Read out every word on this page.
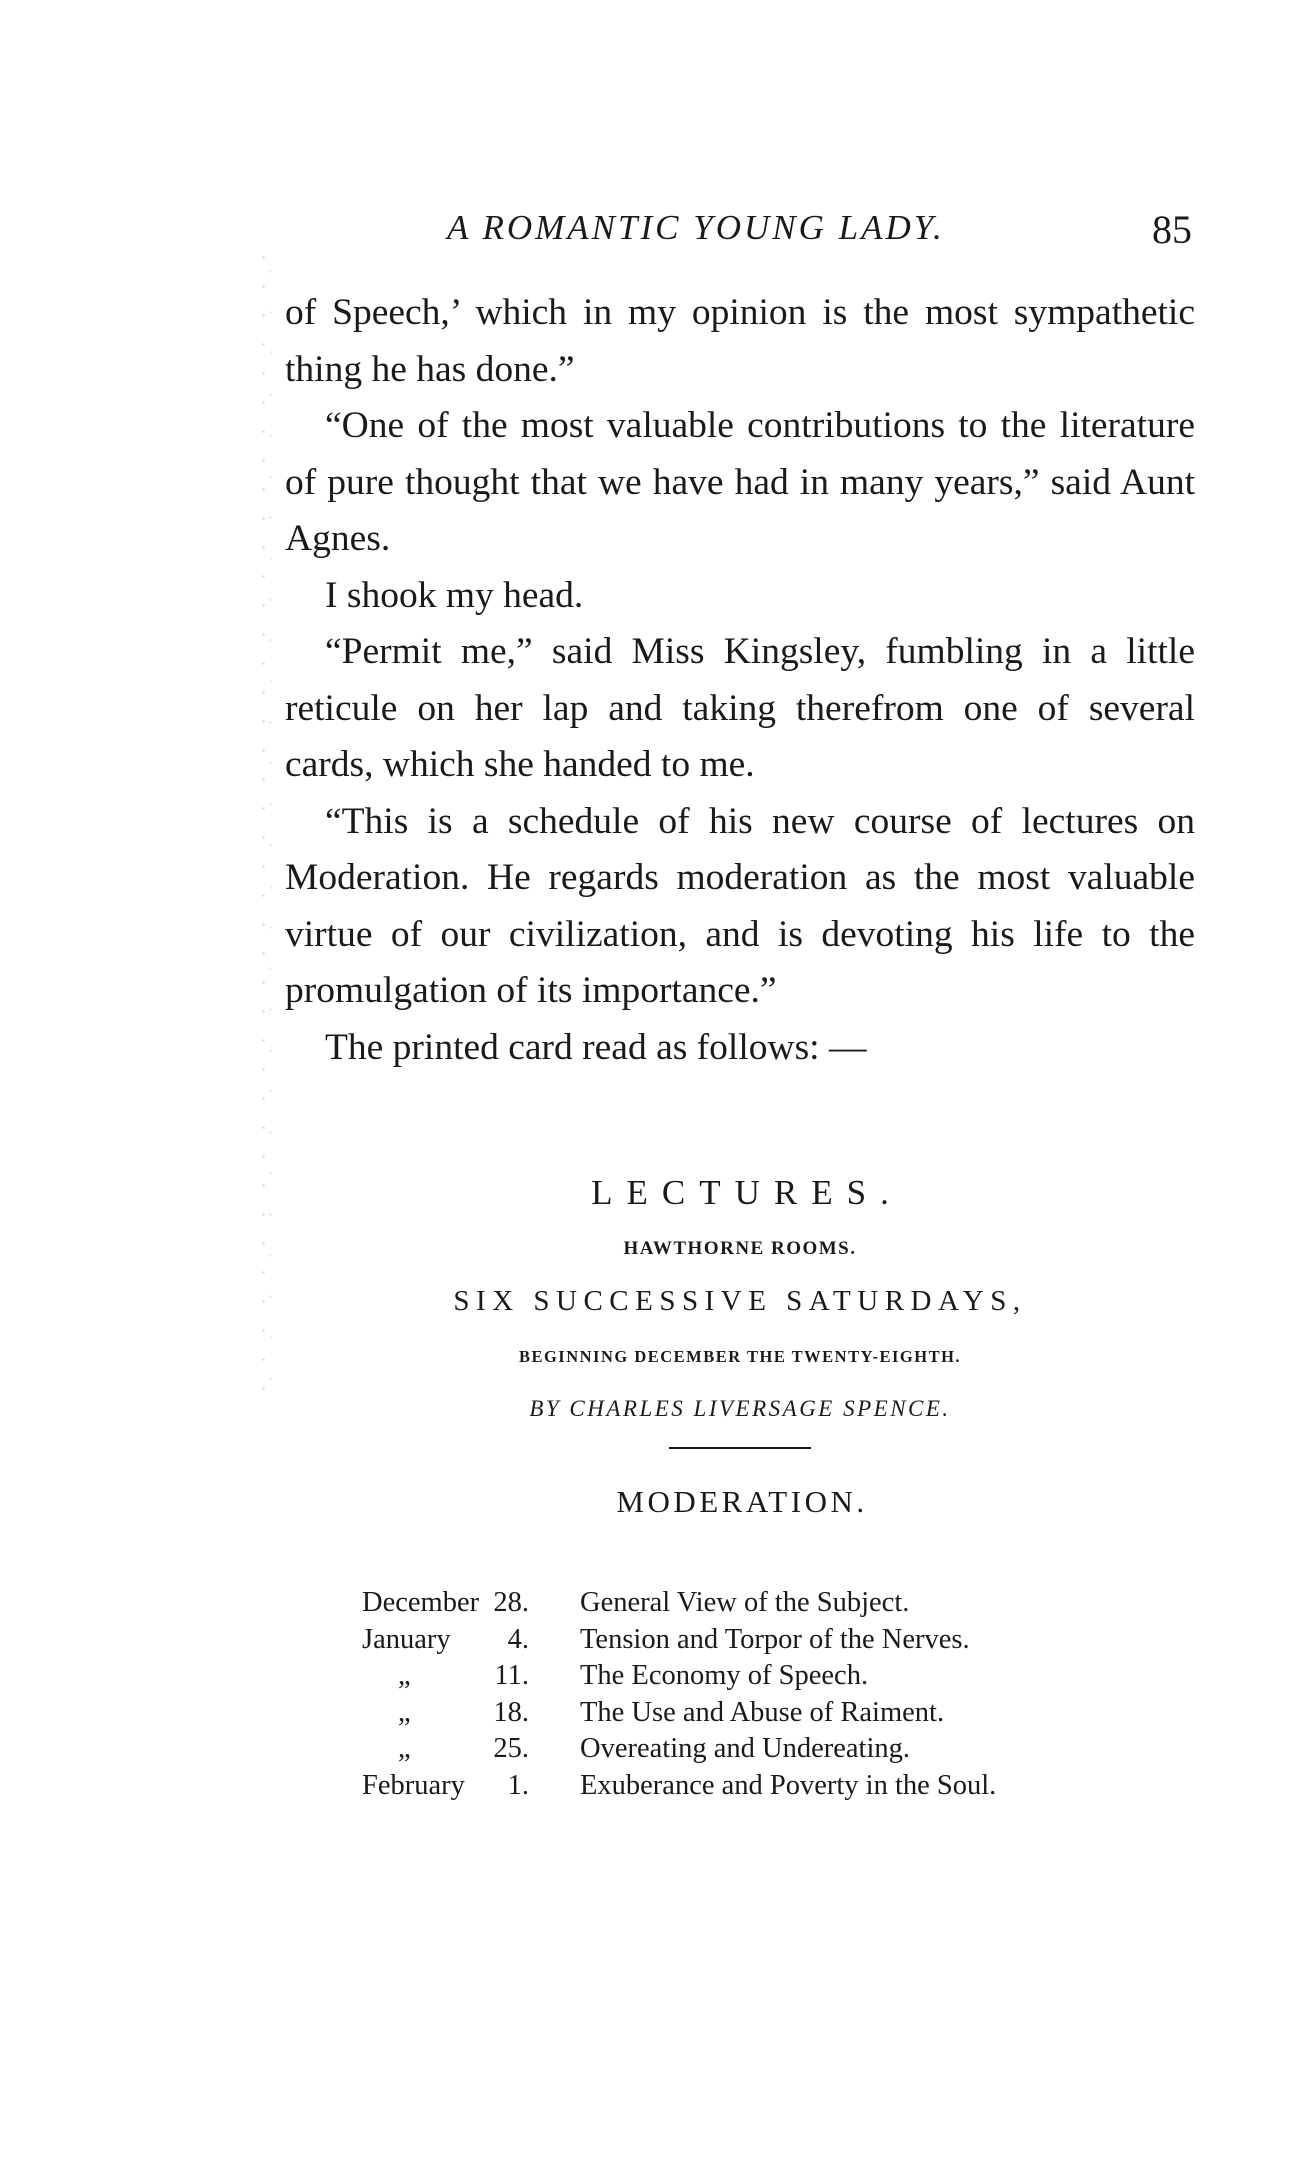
A ROMANTIC YOUNG LADY.	85

of Speech,’ which in my opinion is the most sympathetic thing he has done.”

“One of the most valuable contributions to the literature of pure thought that we have had in many years,” said Aunt Agnes.

I shook my head.

“Permit me,” said Miss Kingsley, fumbling in a little reticule on her lap and taking therefrom one of several cards, which she handed to me.

“This is a schedule of his new course of lectures on Moderation. He regards moderation as the most valuable virtue of our civilization, and is devoting his life to the promulgation of its importance.”

The printed card read as follows: —

LECTURES.

HAWTHORNE ROOMS.

SIX SUCCESSIVE SATURDAYS,

BEGINNING DECEMBER THE TWENTY-EIGHTH.

BY CHARLES LIVERSAGE SPENCE.

MODERATION.

December 28. General View of the Subject.
January 4. Tension and Torpor of the Nerves.
„	11. The Economy of Speech.
„	18. The Use and Abuse of Raiment.
„	25. Overeating and Undereating.
February 1. Exuberance and Poverty in the Soul.
